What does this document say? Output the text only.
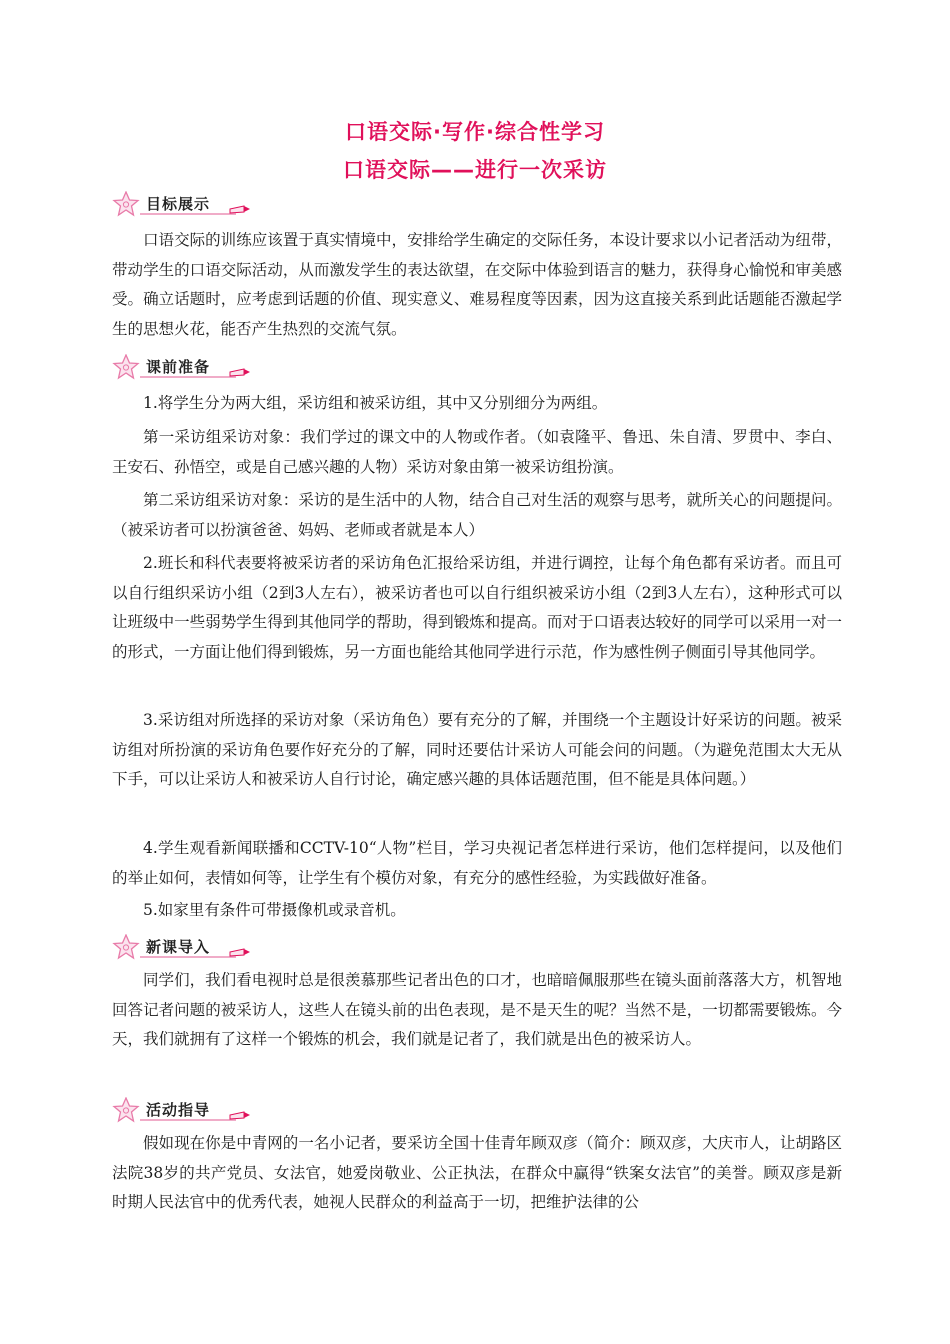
口语交际·写作·综合性学习
口语交际——进行一次采访
目标展示

口语交际的训练应该置于真实情境中，安排给学生确定的交际任务，本设计要求以小记者活动为纽带，带动学生的口语交际活动，从而激发学生的表达欲望，在交际中体验到语言的魅力，获得身心愉悦和审美感受。确立话题时，应考虑到话题的价值、现实意义、难易程度等因素，因为这直接关系到此话题能否激起学生的思想火花，能否产生热烈的交流气氛。

课前准备

1.将学生分为两大组，采访组和被采访组，其中又分别细分为两组。

第一采访组采访对象：我们学过的课文中的人物或作者。（如袁隆平、鲁迅、朱自清、罗贯中、李白、王安石、孙悟空，或是自己感兴趣的人物）采访对象由第一被采访组扮演。

第二采访组采访对象：采访的是生活中的人物，结合自己对生活的观察与思考，就所关心的问题提问。（被采访者可以扮演爸爸、妈妈、老师或者就是本人）

2.班长和科代表要将被采访者的采访角色汇报给采访组，并进行调控，让每个角色都有采访者。而且可以自行组织采访小组（2到3人左右），被采访者也可以自行组织被采访小组（2到3人左右），这种形式可以让班级中一些弱势学生得到其他同学的帮助，得到锻炼和提高。而对于口语表达较好的同学可以采用一对一的形式，一方面让他们得到锻炼，另一方面也能给其他同学进行示范，作为感性例子侧面引导其他同学。

3.采访组对所选择的采访对象（采访角色）要有充分的了解，并围绕一个主题设计好采访的问题。被采访组对所扮演的采访角色要作好充分的了解，同时还要估计采访人可能会问的问题。（为避免范围太大无从下手，可以让采访人和被采访人自行讨论，确定感兴趣的具体话题范围，但不能是具体问题。）

4.学生观看新闻联播和CCTV-10“人物”栏目，学习央视记者怎样进行采访，他们怎样提问，以及他们的举止如何，表情如何等，让学生有个模仿对象，有充分的感性经验，为实践做好准备。

5.如家里有条件可带摄像机或录音机。

新课导入

同学们，我们看电视时总是很羡慕那些记者出色的口才，也暗暗佩服那些在镜头面前落落大方，机智地回答记者问题的被采访人，这些人在镜头前的出色表现，是不是天生的呢？当然不是，一切都需要锻炼。今天，我们就拥有了这样一个锻炼的机会，我们就是记者了，我们就是出色的被采访人。

活动指导

假如现在你是中青网的一名小记者，要采访全国十佳青年顾双彦（简介：顾双彦，大庆市人，让胡路区法院38岁的共产党员、女法官，她爱岗敬业、公正执法，在群众中赢得“铁案女法官”的美誉。顾双彦是新时期人民法官中的优秀代表，她视人民群众的利益高于一切，把维护法律的公
